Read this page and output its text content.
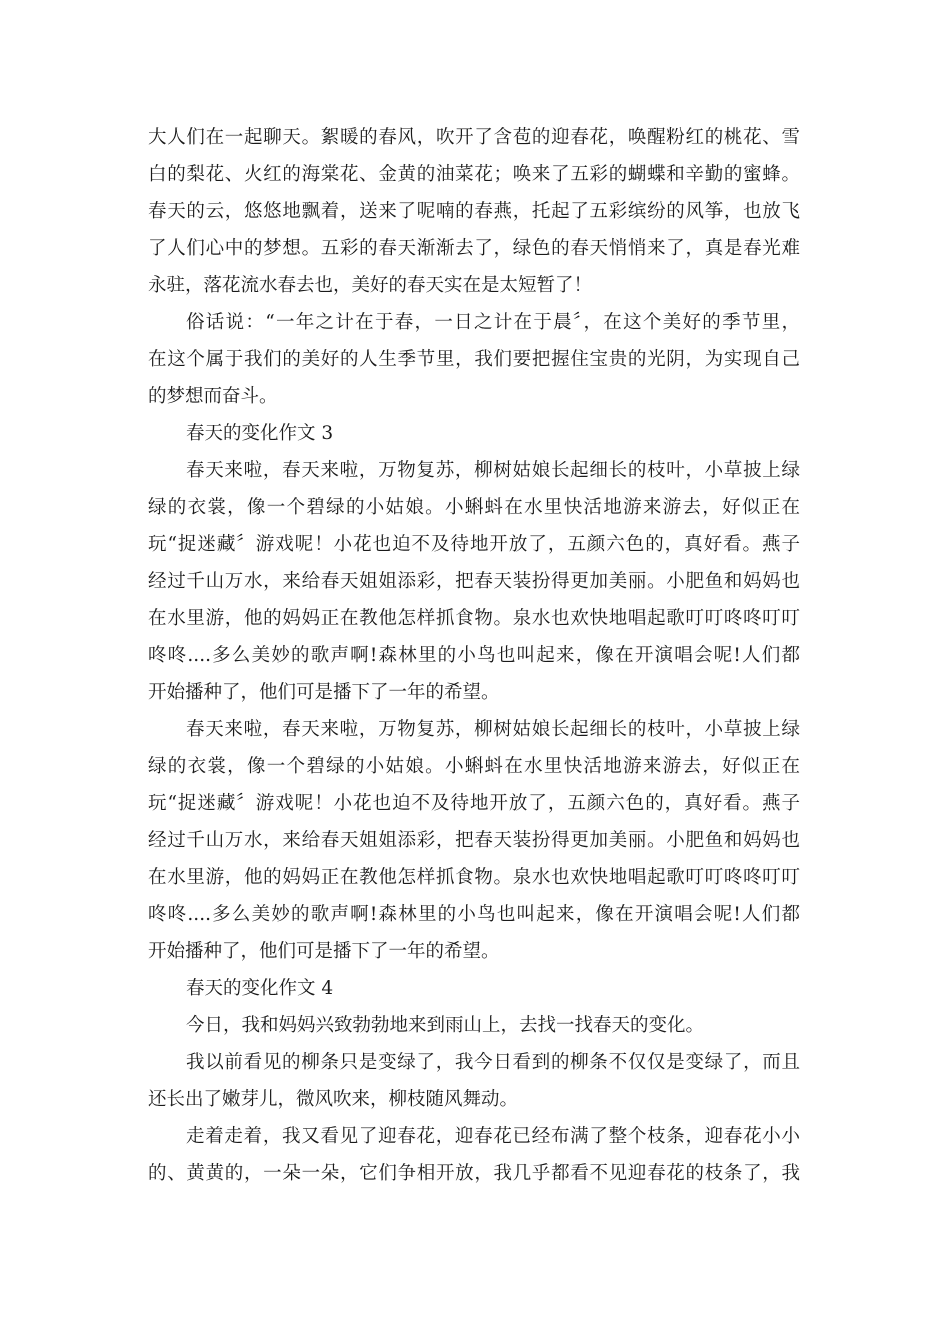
大人们在一起聊天。絮暖的春风，吹开了含苞的迎春花，唤醒粉红的桃花、雪
白的梨花、火红的海棠花、金黄的油菜花；唤来了五彩的蝴蝶和辛勤的蜜蜂。
春天的云，悠悠地飘着，送来了呢喃的春燕，托起了五彩缤纷的风筝，也放飞
了人们心中的梦想。五彩的春天渐渐去了，绿色的春天悄悄来了，真是春光难
永驻，落花流水春去也，美好的春天实在是太短暂了！
俗话说：“一年之计在于春，一日之计在于晨〞，在这个美好的季节里，
在这个属于我们的美好的人生季节里，我们要把握住宝贵的光阴，为实现自己
的梦想而奋斗。
春天的变化作文 3
春天来啦，春天来啦，万物复苏，柳树姑娘长起细长的枝叶，小草披上绿
绿的衣裳，像一个碧绿的小姑娘。小蝌蚪在水里快活地游来游去，好似正在
玩“捉迷藏〞游戏呢！小花也迫不及待地开放了，五颜六色的，真好看。燕子
经过千山万水，来给春天姐姐添彩，把春天装扮得更加美丽。小肥鱼和妈妈也
在水里游，他的妈妈正在教他怎样抓食物。泉水也欢快地唱起歌叮叮咚咚叮叮
咚咚....多么美妙的歌声啊!森林里的小鸟也叫起来，像在开演唱会呢!人们都
开始播种了，他们可是播下了一年的希望。
春天来啦，春天来啦，万物复苏，柳树姑娘长起细长的枝叶，小草披上绿
绿的衣裳，像一个碧绿的小姑娘。小蝌蚪在水里快活地游来游去，好似正在
玩“捉迷藏〞游戏呢！小花也迫不及待地开放了，五颜六色的，真好看。燕子
经过千山万水，来给春天姐姐添彩，把春天装扮得更加美丽。小肥鱼和妈妈也
在水里游，他的妈妈正在教他怎样抓食物。泉水也欢快地唱起歌叮叮咚咚叮叮
咚咚....多么美妙的歌声啊!森林里的小鸟也叫起来，像在开演唱会呢!人们都
开始播种了，他们可是播下了一年的希望。
春天的变化作文 4
今日，我和妈妈兴致勃勃地来到雨山上，去找一找春天的变化。
我以前看见的柳条只是变绿了，我今日看到的柳条不仅仅是变绿了，而且
还长出了嫩芽儿，微风吹来，柳枝随风舞动。
走着走着，我又看见了迎春花，迎春花已经布满了整个枝条，迎春花小小
的、黄黄的，一朵一朵，它们争相开放，我几乎都看不见迎春花的枝条了，我
